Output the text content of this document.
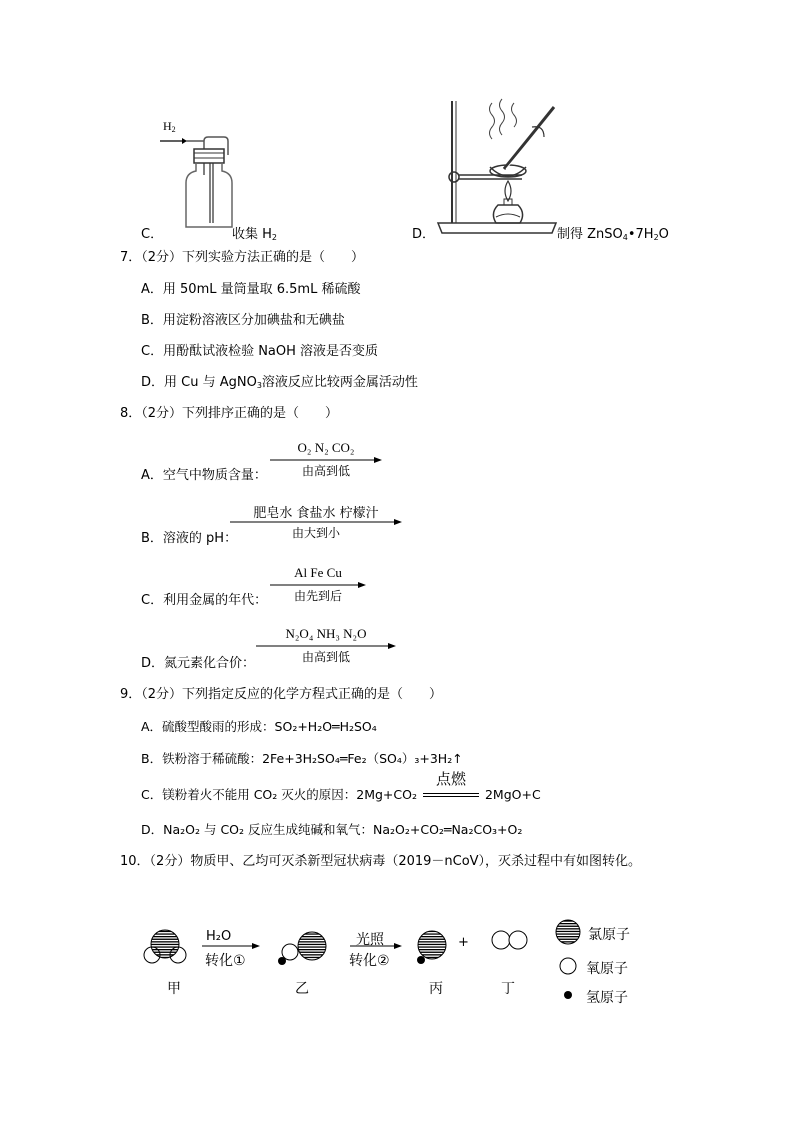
$H_2$
C．	收集 $H_2$	D．	制得 $ZnSO_4•7H_2O$
7．（2分）下列实验方法正确的是（　　）
A．用 50mL 量筒量取 6.5mL 稀硫酸
B．用淀粉溶液区分加碘盐和无碘盐
C．用酚酞试液检验 NaOH 溶液是否变质
D．用 Cu 与 AgNO$_3$溶液反应比较两金属活动性
8．（2分）下列排序正确的是（　　）
A．空气中物质含量：
O₂ N₂ CO₂
由高到低
B．溶液的 pH：
肥皂水 食盐水 柠檬汁
由大到小
C．利用金属的年代：
Al Fe Cu
由先到后
D．氮元素化合价：
N₂O₄ NH₃ N₂O
由高到低
9．（2分）下列指定反应的化学方程式正确的是（　　）
A．硫酸型酸雨的形成：SO₂+H₂O═H₂SO₄
B．铁粉溶于稀硫酸：2Fe+3H₂SO₄═Fe₂（SO₄）₃+3H₂↑
C．镁粉着火不能用 CO₂ 灭火的原因：2Mg+CO₂
点燃
2MgO+C
D．Na₂O₂ 与 CO₂ 反应生成纯碱和氧气：Na₂O₂+CO₂═Na₂CO₃+O₂
10．（2分）物质甲、乙均可灭杀新型冠状病毒（2019－nCoV），灭杀过程中有如图转化。
H₂O
转化①
光照
转化②
+
甲	乙	丙	丁
氯原子
氧原子
氢原子
